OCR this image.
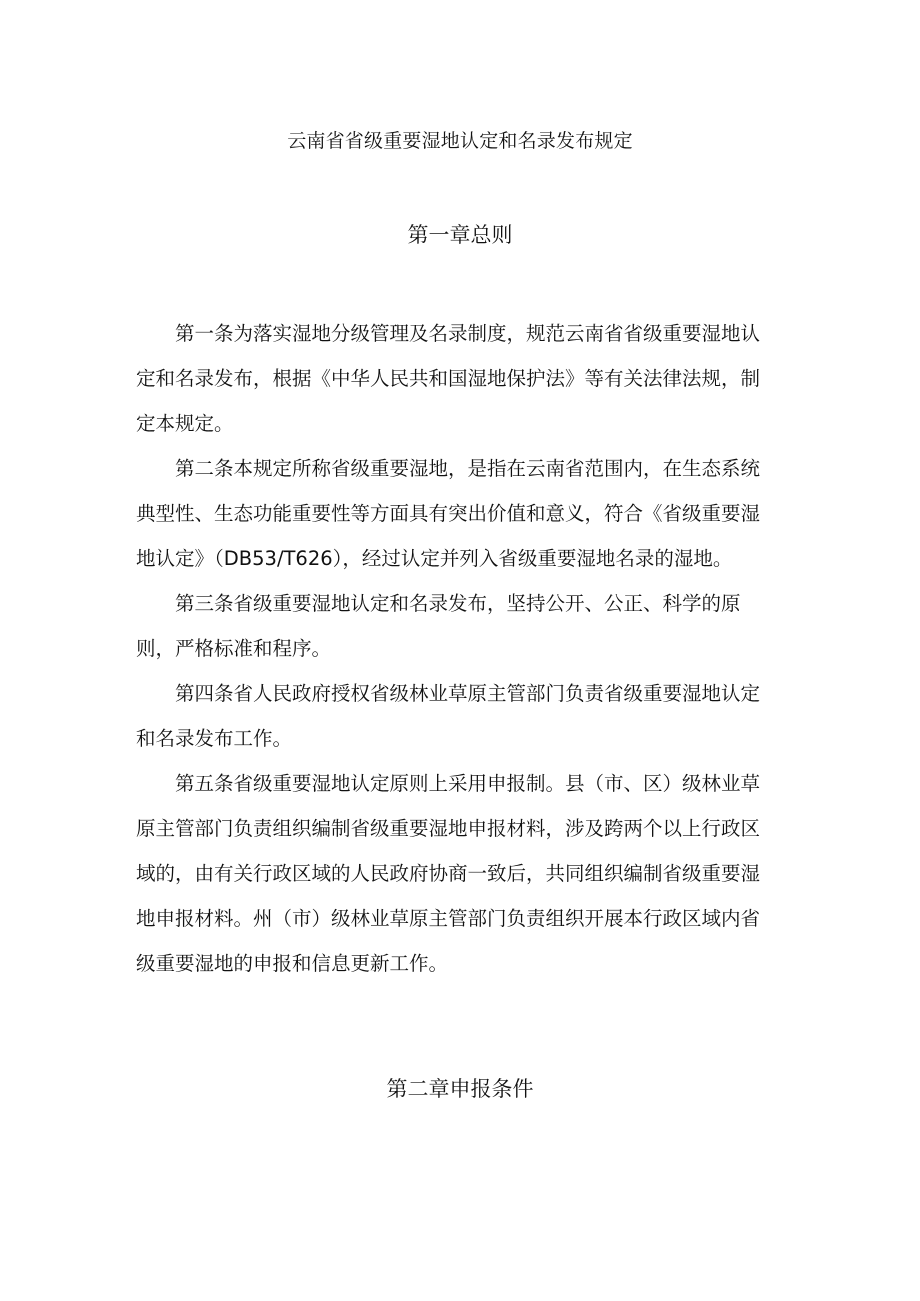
云南省省级重要湿地认定和名录发布规定
第一章总则

第一条为落实湿地分级管理及名录制度，规范云南省省级重要湿地认
定和名录发布，根据《中华人民共和国湿地保护法》等有关法律法规，制
定本规定。

第二条本规定所称省级重要湿地，是指在云南省范围内，在生态系统
典型性、生态功能重要性等方面具有突出价值和意义，符合《省级重要湿
地认定》（DB53/T626），经过认定并列入省级重要湿地名录的湿地。

第三条省级重要湿地认定和名录发布，坚持公开、公正、科学的原
则，严格标准和程序。

第四条省人民政府授权省级林业草原主管部门负责省级重要湿地认定
和名录发布工作。

第五条省级重要湿地认定原则上采用申报制。县（市、区）级林业草
原主管部门负责组织编制省级重要湿地申报材料，涉及跨两个以上行政区
域的，由有关行政区域的人民政府协商一致后，共同组织编制省级重要湿
地申报材料。州（市）级林业草原主管部门负责组织开展本行政区域内省
级重要湿地的申报和信息更新工作。

第二章申报条件
